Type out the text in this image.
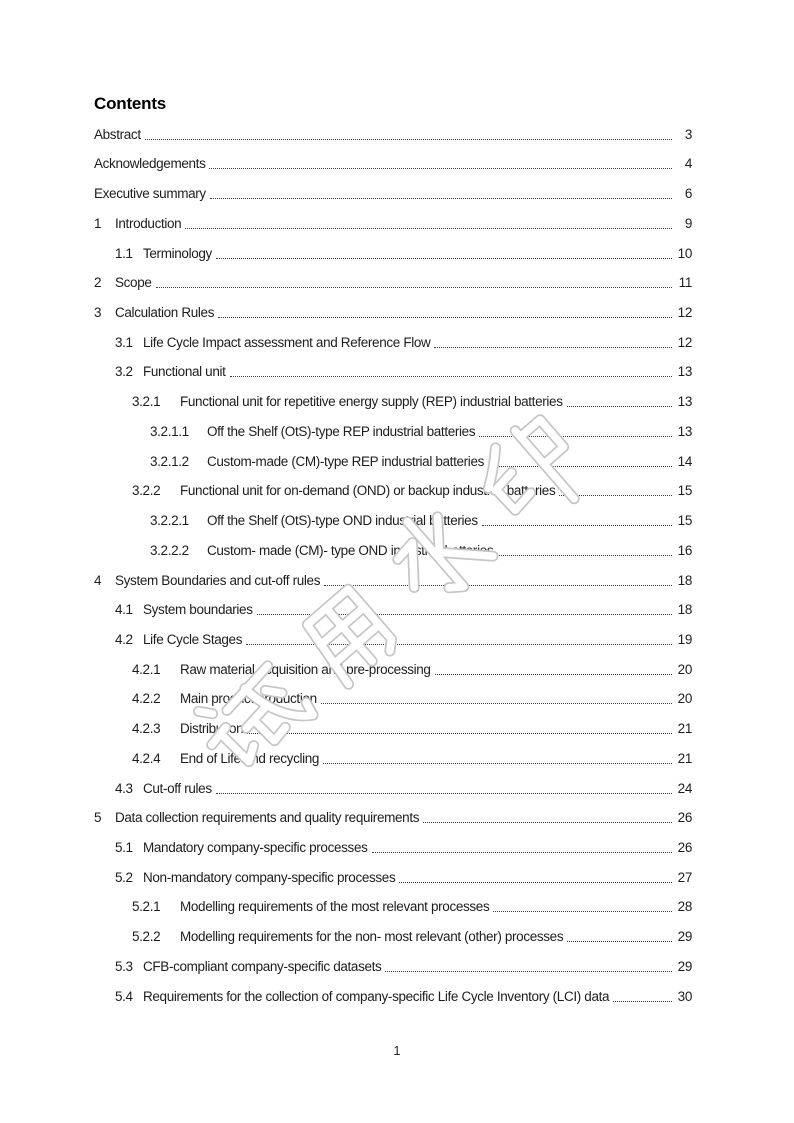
Contents
Abstract	3
Acknowledgements	4
Executive summary	6
1	Introduction	9
1.1 Terminology	10
2	Scope	11
3	Calculation Rules	12
3.1 Life Cycle Impact assessment and Reference Flow	12
3.2 Functional unit	13
3.2.1	Functional unit for repetitive energy supply (REP) industrial batteries	13
3.2.1.1	Off the Shelf (OtS)-type REP industrial batteries	13
3.2.1.2	Custom-made (CM)-type REP industrial batteries	14
3.2.2	Functional unit for on-demand (OND) or backup industrial batteries	15
3.2.2.1	Off the Shelf (OtS)-type OND industrial batteries	15
3.2.2.2	Custom- made (CM)- type OND industrial batteries	16
4	System Boundaries and cut-off rules	18
4.1 System boundaries	18
4.2 Life Cycle Stages	19
4.2.1	Raw material acquisition and pre-processing	20
4.2.2	Main product production	20
4.2.3	Distribution	21
4.2.4	End of Life and recycling	21
4.3 Cut-off rules	24
5	Data collection requirements and quality requirements	26
5.1 Mandatory company-specific processes	26
5.2 Non-mandatory company-specific processes	27
5.2.1	Modelling requirements of the most relevant processes	28
5.2.2	Modelling requirements for the non- most relevant (other) processes	29
5.3 CFB-compliant company-specific datasets	29
5.4 Requirements for the collection of company-specific Life Cycle Inventory (LCI) data	30
1
